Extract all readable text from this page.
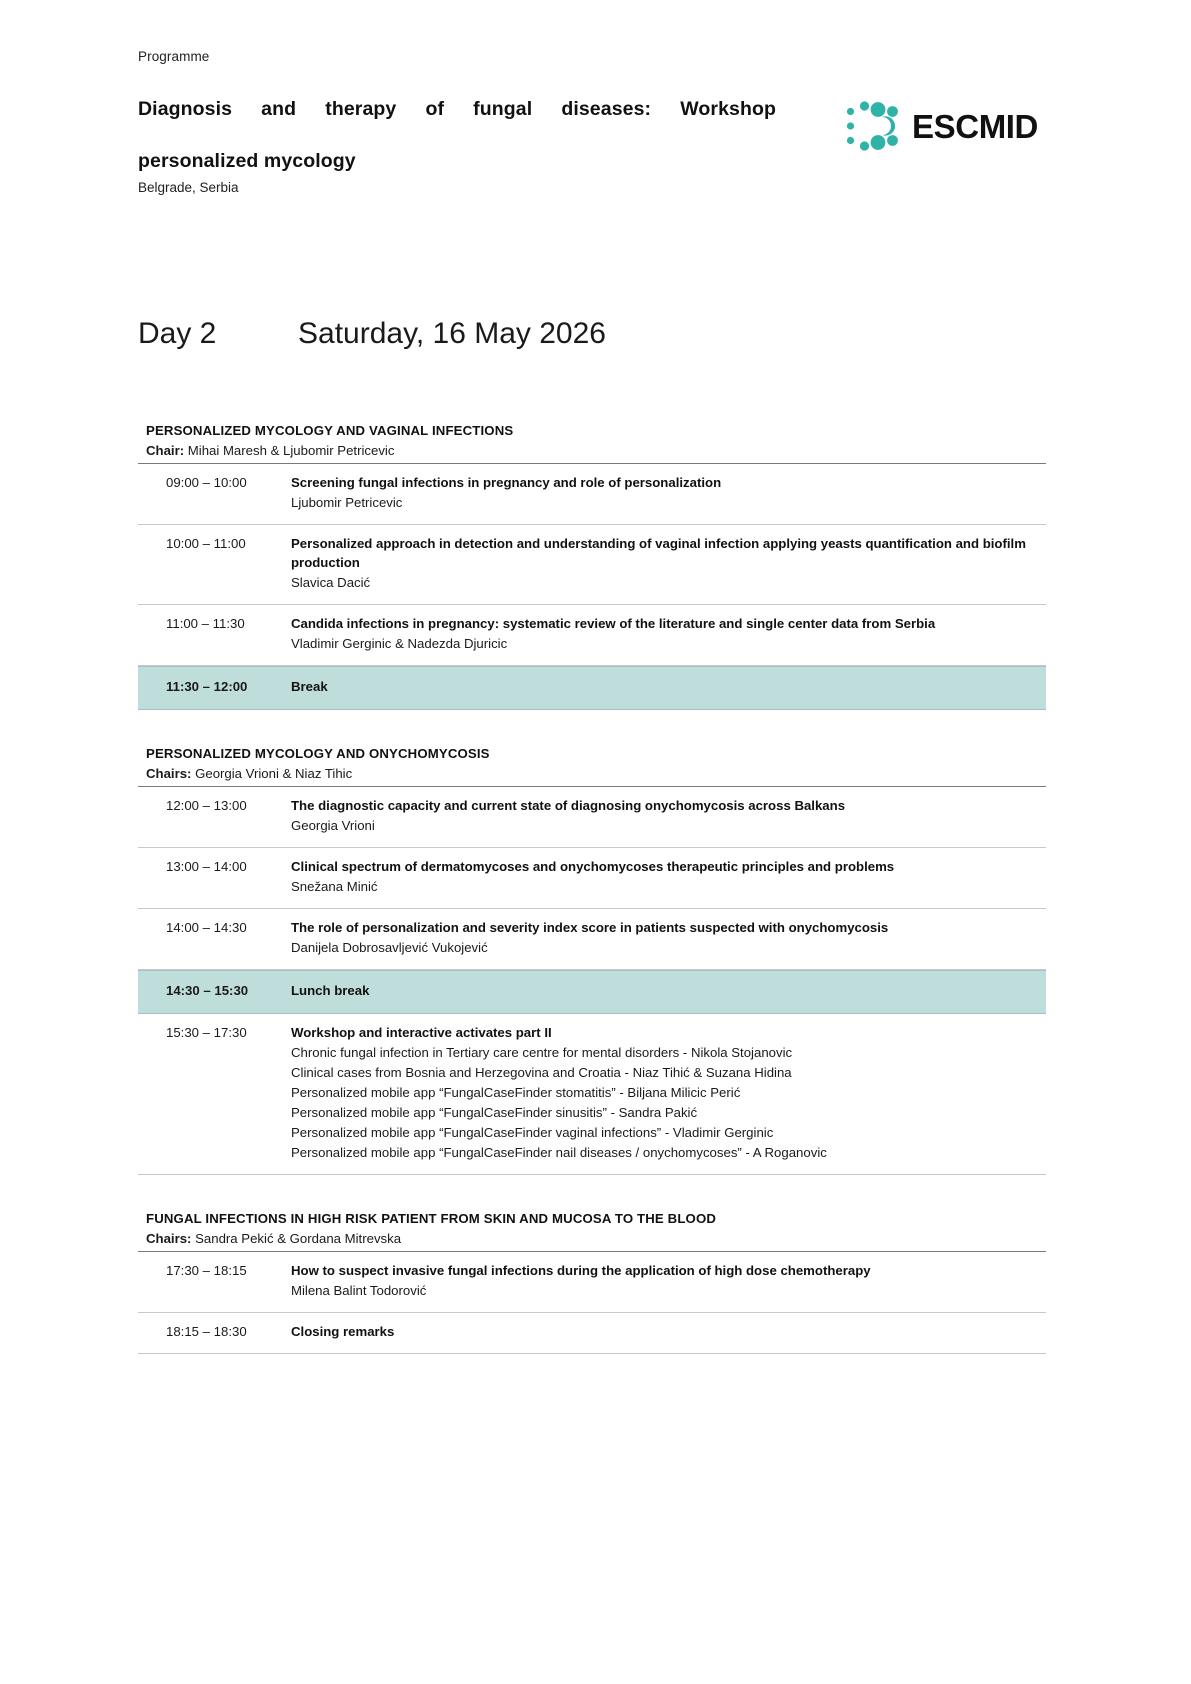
Programme
Diagnosis and therapy of fungal diseases: Workshop
personalized mycology
Belgrade, Serbia
ESCMID
Day 2	Saturday, 16 May 2026
PERSONALIZED MYCOLOGY AND VAGINAL INFECTIONS
Chair: Mihai Maresh & Ljubomir Petricevic
09:00 – 10:00	Screening fungal infections in pregnancy and role of personalization
Ljubomir Petricevic
10:00 – 11:00	Personalized approach in detection and understanding of vaginal infection applying yeasts quantification and biofilm production
Slavica Dacić
11:00 – 11:30	Candida infections in pregnancy: systematic review of the literature and single center data from Serbia
Vladimir Gerginic & Nadezda Djuricic
11:30 – 12:00	Break
PERSONALIZED MYCOLOGY AND ONYCHOMYCOSIS
Chairs: Georgia Vrioni & Niaz Tihic
12:00 – 13:00	The diagnostic capacity and current state of diagnosing onychomycosis across Balkans
Georgia Vrioni
13:00 – 14:00	Clinical spectrum of dermatomycoses and onychomycoses therapeutic principles and problems
Snežana Minić
14:00 – 14:30	The role of personalization and severity index score in patients suspected with onychomycosis
Danijela Dobrosavljević Vukojević
14:30 – 15:30	Lunch break
15:30 – 17:30	Workshop and interactive activates part II
Chronic fungal infection in Tertiary care centre for mental disorders - Nikola Stojanovic
Clinical cases from Bosnia and Herzegovina and Croatia - Niaz Tihić & Suzana Hidina
Personalized mobile app “FungalCaseFinder stomatitis” - Biljana Milicic Perić
Personalized mobile app “FungalCaseFinder sinusitis” - Sandra Pakić
Personalized mobile app “FungalCaseFinder vaginal infections” - Vladimir Gerginic
Personalized mobile app “FungalCaseFinder nail diseases / onychomycoses” - A Roganovic
FUNGAL INFECTIONS IN HIGH RISK PATIENT FROM SKIN AND MUCOSA TO THE BLOOD
Chairs: Sandra Pekić & Gordana Mitrevska
17:30 – 18:15	How to suspect invasive fungal infections during the application of high dose chemotherapy
Milena Balint Todorović
18:15 – 18:30	Closing remarks
